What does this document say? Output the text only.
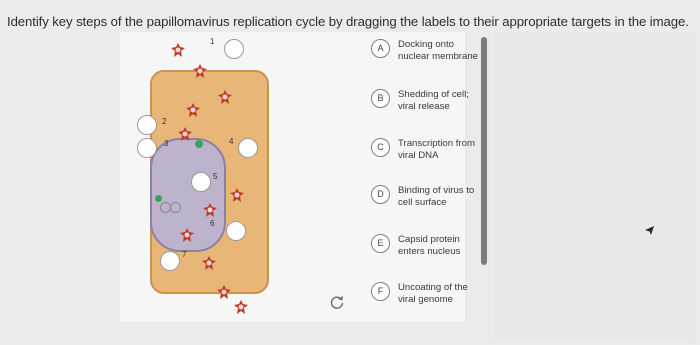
Identify key steps of the papillomavirus replication cycle by dragging the labels to their appropriate targets in the image.
1
2
3	4
5
6
7
A	Docking onto nuclear membrane
B	Shedding of cell; viral release
C	Transcription from viral DNA
D	Binding of virus to cell surface
E	Capsid protein enters nucleus
F	Uncoating of the viral genome
